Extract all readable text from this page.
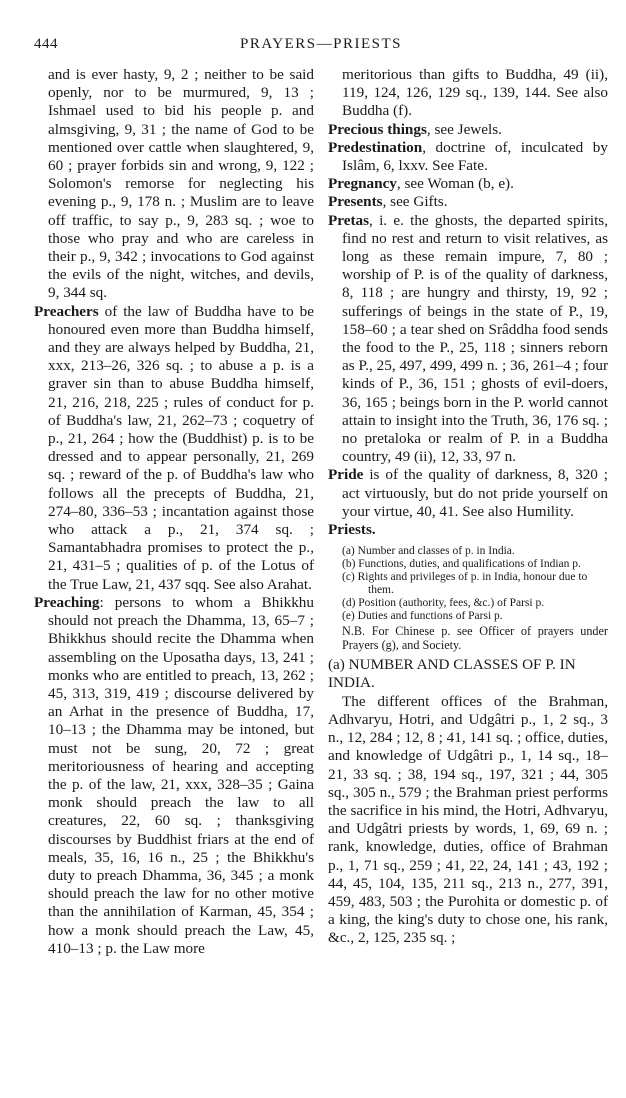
444	PRAYERS—PRIESTS

and is ever hasty, 9, 2 ; neither to be said openly, nor to be murmured, 9, 13 ; Ishmael used to bid his people p. and almsgiving, 9, 31 ; the name of God to be mentioned over cattle when slaughtered, 9, 60 ; prayer forbids sin and wrong, 9, 122 ; Solomon's remorse for neglecting his evening p., 9, 178 n. ; Muslim are to leave off traffic, to say p., 9, 283 sq. ; woe to those who pray and who are careless in their p., 9, 342 ; invocations to God against the evils of the night, witches, and devils, 9, 344 sq.

Preachers of the law of Buddha have to be honoured even more than Buddha himself, and they are always helped by Buddha, 21, xxx, 213–26, 326 sq. ; to abuse a p. is a graver sin than to abuse Buddha himself, 21, 216, 218, 225 ; rules of conduct for p. of Buddha's law, 21, 262–73 ; coquetry of p., 21, 264 ; how the (Buddhist) p. is to be dressed and to appear personally, 21, 269 sq. ; reward of the p. of Buddha's law who follows all the precepts of Buddha, 21, 274–80, 336–53 ; incantation against those who attack a p., 21, 374 sq. ; Samantabhadra promises to protect the p., 21, 431–5 ; qualities of p. of the Lotus of the True Law, 21, 437 sqq. See also Arahat.

Preaching: persons to whom a Bhikkhu should not preach the Dhamma, 13, 65–7 ; Bhikkhus should recite the Dhamma when assembling on the Uposatha days, 13, 241 ; monks who are entitled to preach, 13, 262 ; 45, 313, 319, 419 ; discourse delivered by an Arhat in the presence of Buddha, 17, 10–13 ; the Dhamma may be intoned, but must not be sung, 20, 72 ; great meritoriousness of hearing and accepting the p. of the law, 21, xxx, 328–35 ; Gaina monk should preach the law to all creatures, 22, 60 sq. ; thanksgiving discourses by Buddhist friars at the end of meals, 35, 16, 16 n., 25 ; the Bhikkhu's duty to preach Dhamma, 36, 345 ; a monk should preach the law for no other motive than the annihilation of Karman, 45, 354 ; how a monk should preach the Law, 45, 410–13 ; p. the Law more

meritorious than gifts to Buddha, 49 (ii), 119, 124, 126, 129 sq., 139, 144. See also Buddha (f).

Precious things, see Jewels.

Predestination, doctrine of, inculcated by Islâm, 6, lxxv. See Fate.

Pregnancy, see Woman (b, e).

Presents, see Gifts.

Pretas, i. e. the ghosts, the departed spirits, find no rest and return to visit relatives, as long as these remain impure, 7, 80 ; worship of P. is of the quality of darkness, 8, 118 ; are hungry and thirsty, 19, 92 ; sufferings of beings in the state of P., 19, 158–60 ; a tear shed on Srâddha food sends the food to the P., 25, 118 ; sinners reborn as P., 25, 497, 499, 499 n. ; 36, 261–4 ; four kinds of P., 36, 151 ; ghosts of evil-doers, 36, 165 ; beings born in the P. world cannot attain to insight into the Truth, 36, 176 sq. ; no pretaloka or realm of P. in a Buddha country, 49 (ii), 12, 33, 97 n.

Pride is of the quality of darkness, 8, 320 ; act virtuously, but do not pride yourself on your virtue, 40, 41. See also Humility.

Priests.

(a) Number and classes of p. in India.
(b) Functions, duties, and qualifications of Indian p.
(c) Rights and privileges of p. in India, honour due to them.
(d) Position (authority, fees, &c.) of Parsi p.
(e) Duties and functions of Parsi p.
N.B. For Chinese p. see Officer of prayers under Prayers (g), and Society.

(a) NUMBER AND CLASSES OF P. IN INDIA.

The different offices of the Brahman, Adhvaryu, Hotri, and Udgâtri p., 1, 2 sq., 3 n., 12, 284 ; 12, 8 ; 41, 141 sq. ; office, duties, and knowledge of Udgâtri p., 1, 14 sq., 18–21, 33 sq. ; 38, 194 sq., 197, 321 ; 44, 305 sq., 305 n., 579 ; the Brahman priest performs the sacrifice in his mind, the Hotri, Adhvaryu, and Udgâtri priests by words, 1, 69, 69 n. ; rank, knowledge, duties, office of Brahman p., 1, 71 sq., 259 ; 41, 22, 24, 141 ; 43, 192 ; 44, 45, 104, 135, 211 sq., 213 n., 277, 391, 459, 483, 503 ; the Purohita or domestic p. of a king, the king's duty to chose one, his rank, &c., 2, 125, 235 sq. ;
